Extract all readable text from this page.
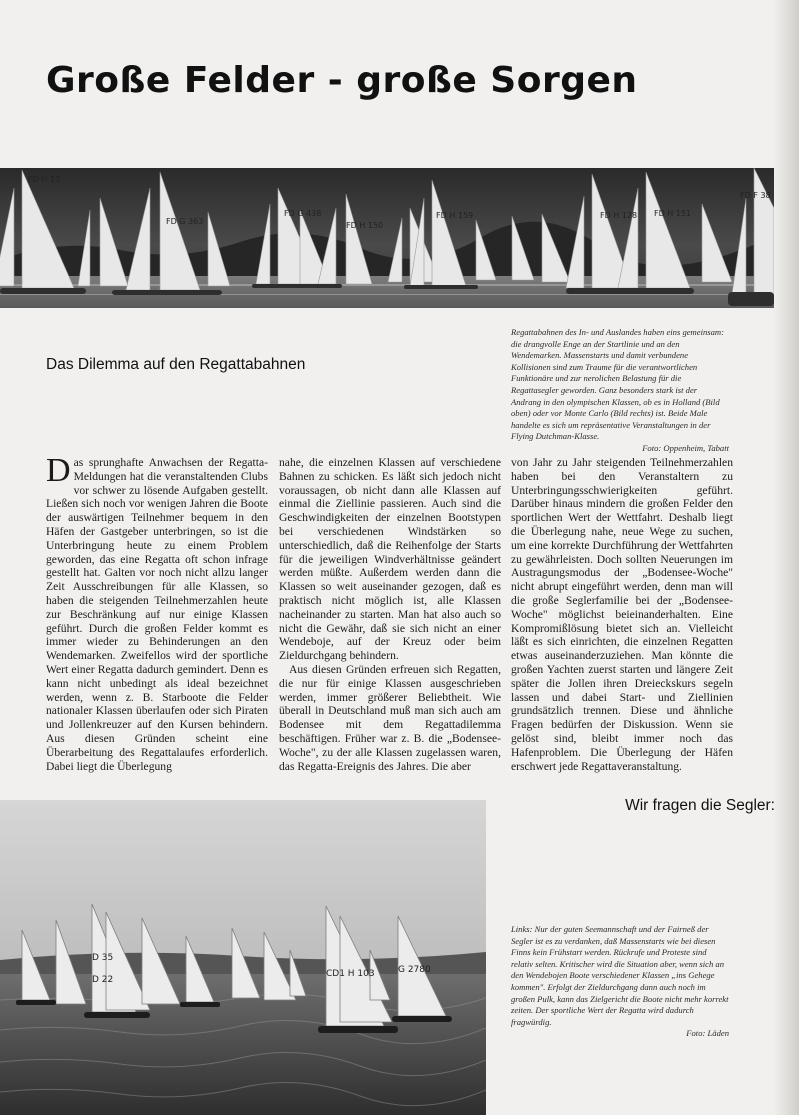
Große Felder - große Sorgen
FD H 13
FD G 363
FD G 438
FD H 150
FD H 159	FD H 128 FD H 151
FD F 38
Das Dilemma auf den Regattabahnen
Regattabahnen des In- und Auslandes haben eins gemeinsam: die drangvolle Enge an der Startlinie und an den Wendemarken. Massenstarts und damit verbundene Kollisionen sind zum Traume für die verantwortlichen Funktionäre und zur nerolichen Belastung für die Regattasegler geworden. Ganz besonders stark ist der Andrang in den olympischen Klassen, ob es in Holland (Bild oben) oder vor Monte Carlo (Bild rechts) ist. Beide Male handelte es sich um repräsentative Veranstaltungen in der Flying Dutchman-Klasse.
Foto: Oppenheim, Tabatt

Das sprunghafte Anwachsen der Regatta-Meldungen hat die veranstaltenden Clubs vor schwer zu lösende Aufgaben gestellt. Ließen sich noch vor wenigen Jahren die Boote der auswärtigen Teilnehmer bequem in den Häfen der Gastgeber unterbringen, so ist die Unterbringung heute zu einem Problem geworden, das eine Regatta oft schon infrage gestellt hat. Galten vor noch nicht allzu langer Zeit Ausschreibungen für alle Klassen, so haben die steigenden Teilnehmerzahlen heute zur Beschränkung auf nur einige Klassen geführt. Durch die großen Felder kommt es immer wieder zu Behinderungen an den Wendemarken. Zweifellos wird der sportliche Wert einer Regatta dadurch gemindert. Denn es kann nicht unbedingt als ideal bezeichnet werden, wenn z. B. Starboote die Felder nationaler Klassen überlaufen oder sich Piraten und Jollenkreuzer auf den Kursen behindern. Aus diesen Gründen scheint eine Überarbeitung des Regattalaufes erforderlich. Dabei liegt die Überlegung

nahe, die einzelnen Klassen auf verschiedene Bahnen zu schicken. Es läßt sich jedoch nicht voraussagen, ob nicht dann alle Klassen auf einmal die Ziellinie passieren. Auch sind die Geschwindigkeiten der einzelnen Bootstypen bei verschiedenen Windstärken so unterschiedlich, daß die Reihenfolge der Starts für die jeweiligen Windverhältnisse geändert werden müßte. Außerdem werden dann die Klassen so weit auseinander gezogen, daß es praktisch nicht möglich ist, alle Klassen nacheinander zu starten. Man hat also auch so nicht die Gewähr, daß sie sich nicht an einer Wendeboje, auf der Kreuz oder beim Zieldurchgang behindern.

Aus diesen Gründen erfreuen sich Regatten, die nur für einige Klassen ausgeschrieben werden, immer größerer Beliebtheit. Wie überall in Deutschland muß man sich auch am Bodensee mit dem Regattadilemma beschäftigen. Früher war z. B. die „Bodensee-Woche", zu der alle Klassen zugelassen waren, das Regatta-Ereignis des Jahres. Die aber

von Jahr zu Jahr steigenden Teilnehmerzahlen haben bei den Veranstaltern zu Unterbringungsschwierigkeiten geführt. Darüber hinaus mindern die großen Felder den sportlichen Wert der Wettfahrt. Deshalb liegt die Überlegung nahe, neue Wege zu suchen, um eine korrekte Durchführung der Wettfahrten zu gewährleisten. Doch sollten Neuerungen im Austragungsmodus der „Bodensee-Woche" nicht abrupt eingeführt werden, denn man will die große Seglerfamilie bei der „Bodensee-Woche" möglichst beieinanderhalten. Eine Kompromißlösung bietet sich an. Vielleicht läßt es sich einrichten, die einzelnen Regatten etwas auseinanderzuziehen. Man könnte die großen Yachten zuerst starten und längere Zeit später die Jollen ihren Dreieckskurs segeln lassen und dabei Start- und Ziellinien grundsätzlich trennen. Diese und ähnliche Fragen bedürfen der Diskussion. Wenn sie gelöst sind, bleibt immer noch das Hafenproblem. Die Überlegung der Häfen erschwert jede Regattaveranstaltung.

Wir fragen die Segler:
D 35
CD1 H 103	G 2780
D 22
Links: Nur der guten Seemannschaft und der Fairneß der Segler ist es zu verdanken, daß Massenstarts wie bei diesen Finns kein Frühstart werden. Rückrufe und Proteste sind relativ selten. Kritischer wird die Situation aber, wenn sich an den Wendebojen Boote verschiedener Klassen „ins Gehege kommen". Erfolgt der Zieldurchgang dann auch noch im großen Pulk, kann das Zielgericht die Boote nicht mehr korrekt zeiten. Der sportliche Wert der Regatta wird dadurch fragwürdig.
Foto: Läden
